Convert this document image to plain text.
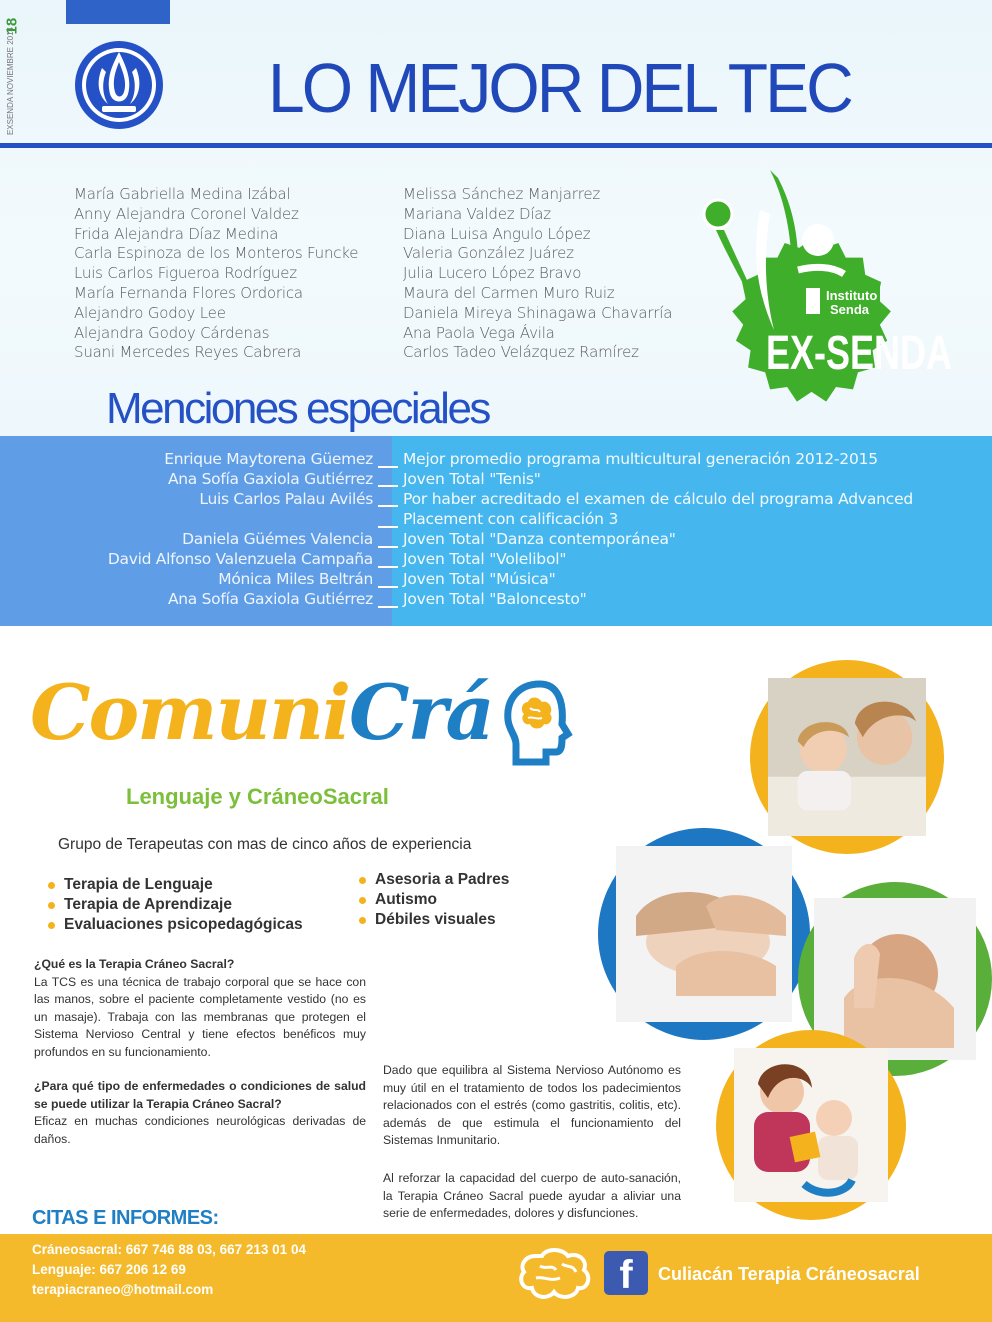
EXSENDA NOVIEMBRE 2014
18
LO MEJOR DEL TEC
María Gabriella Medina Izábal
Anny Alejandra Coronel Valdez
Frida Alejandra Díaz Medina
Carla Espinoza de los Monteros Funcke
Luis Carlos Figueroa Rodríguez
María Fernanda Flores Ordorica
Alejandro Godoy Lee
Alejandra Godoy Cárdenas
Suani Mercedes Reyes Cabrera
Melissa Sánchez Manjarrez
Mariana Valdez Díaz
Diana Luisa Angulo López
Valeria González Juárez
Julia Lucero López Bravo
Maura del Carmen Muro Ruiz
Daniela Mireya Shinagawa Chavarría
Ana Paola Vega Ávila
Carlos Tadeo Velázquez Ramírez
Instituto
Senda
EX-SENDA
Menciones especiales
Enrique Maytorena Güemez
Ana Sofía Gaxiola Gutiérrez
Luis Carlos Palau Avilés
Daniela Güémes Valencia
David Alfonso Valenzuela Campaña
Mónica Miles Beltrán
Ana Sofía Gaxiola Gutiérrez
Mejor promedio programa multicultural generación 2012-2015
Joven Total "Tenis"
Por haber acreditado el examen de cálculo del programa Advanced
Placement con calificación 3
Joven Total "Danza contemporánea"
Joven Total "Volelibol"
Joven Total "Música"
Joven Total "Baloncesto"
ComuniCrá
Lenguaje y CráneoSacral
Grupo de Terapeutas con mas de cinco años de experiencia
Terapia de Lenguaje
Terapia de Aprendizaje
Evaluaciones psicopedagógicas
Asesoria a Padres
Autismo
Débiles visuales
¿Qué es la Terapia Cráneo Sacral?
La TCS es una técnica de trabajo corporal que se hace con las manos, sobre el paciente completamente vestido (no es un masaje). Trabaja con las membranas que protegen el Sistema Nervioso Central y tiene efectos benéficos muy profundos en su funcionamiento.
¿Para qué tipo de enfermedades o condiciones de salud se puede utilizar la Terapia Cráneo Sacral?
Eficaz en muchas condiciones neurológicas derivadas de daños.
Dado que equilibra al Sistema Nervioso Autónomo es muy útil en el tratamiento de todos los padecimientos relacionados con el estrés (como gastritis, colitis, etc). además de que estimula el funcionamiento del Sistemas Inmunitario.
Al reforzar la capacidad del cuerpo de auto-sanación, la Terapia Cráneo Sacral puede ayudar a aliviar una serie de enfermedades, dolores y disfunciones.
CITAS E INFORMES:
Cráneosacral: 667 746 88 03, 667 213 01 04
Lenguaje: 667 206 12 69
terapiacraneo@hotmail.com	f	Culiacán Terapia Cráneosacral
